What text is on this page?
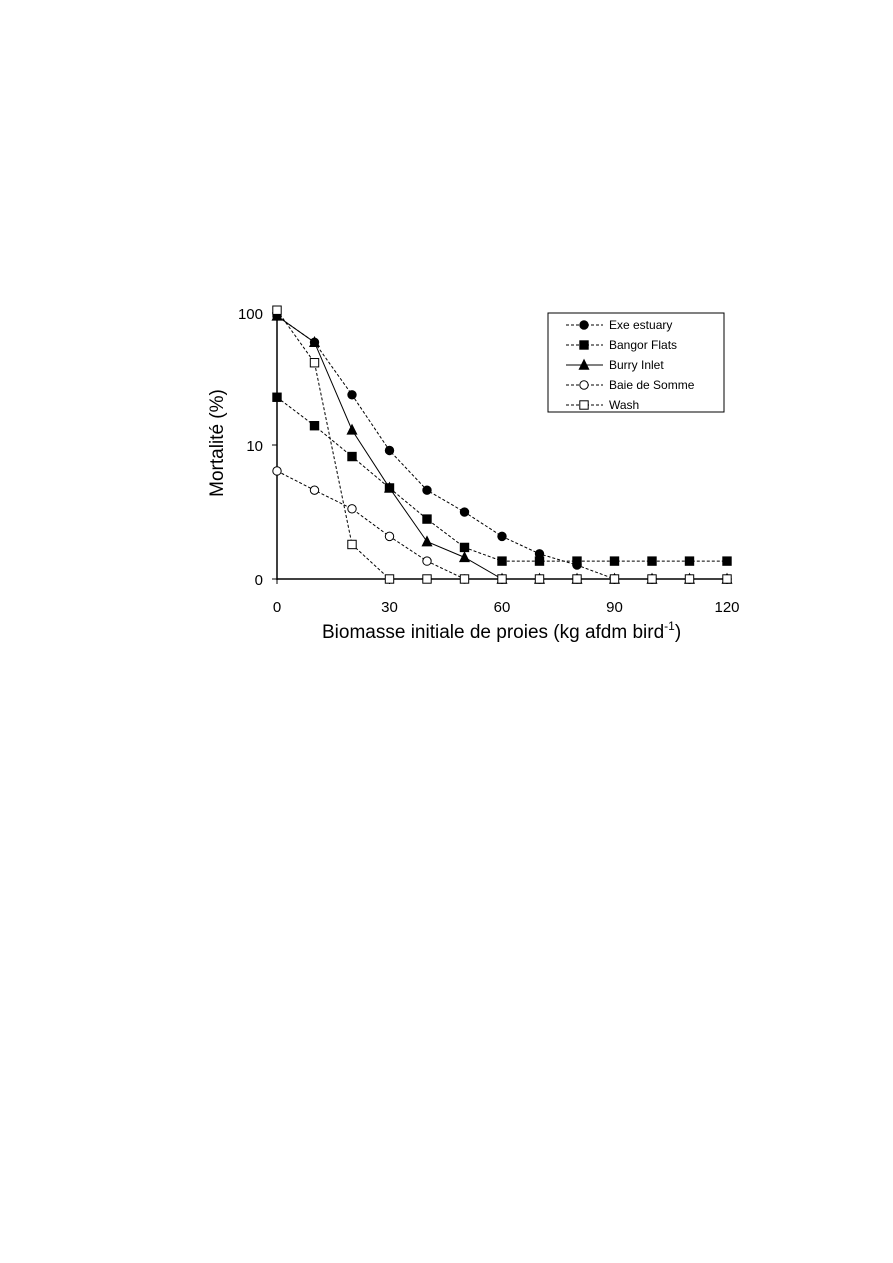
0	30	60	90	120
0
10
100
Mortalité (%)
Biomasse initiale de proies (kg afdm bird$^{-1}$)
Exe estuary
Bangor Flats
Burry Inlet
Baie de Somme
Wash
